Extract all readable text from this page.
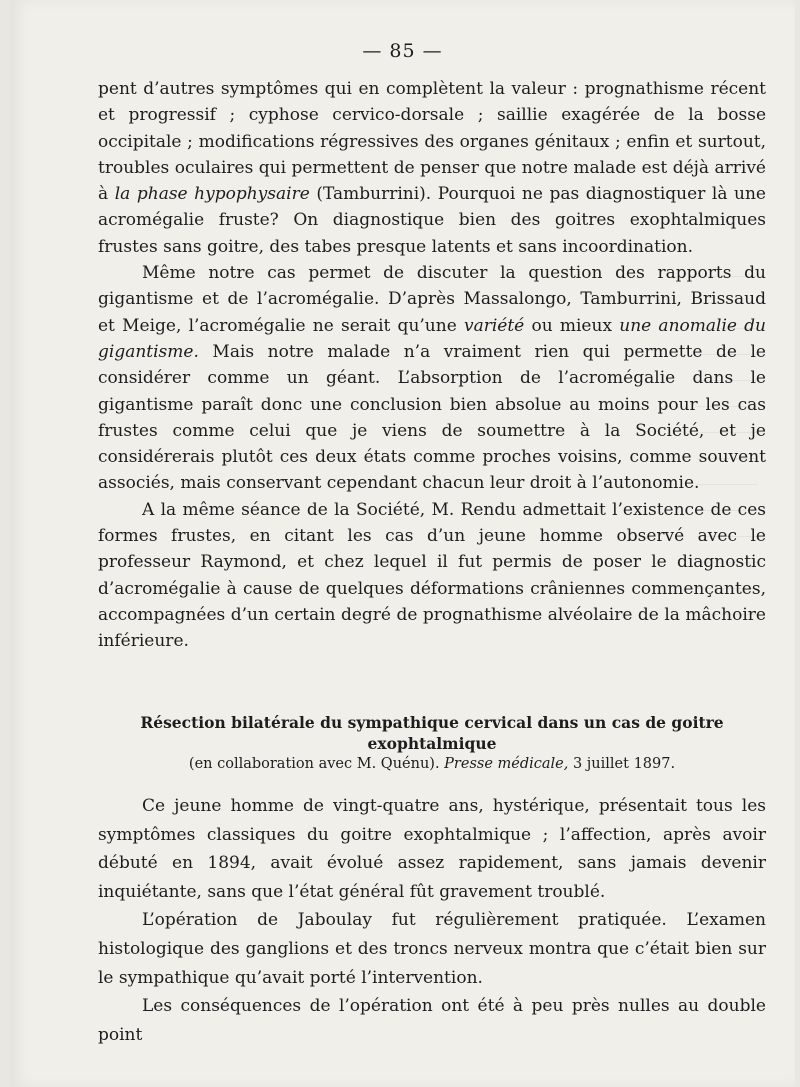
— 85 —

pent d’autres symptômes qui en complètent la valeur : prognathisme récent et progressif ; cyphose cervico-dorsale ; saillie exagérée de la bosse occipitale ; modifications régressives des organes génitaux ; enfin et surtout, troubles oculaires qui permettent de penser que notre malade est déjà arrivé à la phase hypophysaire (Tamburrini). Pourquoi ne pas diagnostiquer là une acromégalie fruste? On diagnostique bien des goitres exophtalmiques frustes sans goitre, des tabes presque latents et sans incoordination.

Même notre cas permet de discuter la question des rapports du gigantisme et de l’acromégalie. D’après Massalongo, Tamburrini, Brissaud et Meige, l’acromégalie ne serait qu’une variété ou mieux une anomalie du gigantisme. Mais notre malade n’a vraiment rien qui permette de le considérer comme un géant. L’absorption de l’acromégalie dans le gigantisme paraît donc une conclusion bien absolue au moins pour les cas frustes comme celui que je viens de soumettre à la Société, et je considérerais plutôt ces deux états comme proches voisins, comme souvent associés, mais conservant cependant chacun leur droit à l’autonomie.

A la même séance de la Société, M. Rendu admettait l’existence de ces formes frustes, en citant les cas d’un jeune homme observé avec le professeur Raymond, et chez lequel il fut permis de poser le diagnostic d’acromégalie à cause de quelques déformations crâniennes commençantes, accompagnées d’un certain degré de prognathisme alvéolaire de la mâchoire inférieure.

Résection bilatérale du sympathique cervical dans un cas de goitre exophtalmique
(en collaboration avec M. Quénu). Presse médicale, 3 juillet 1897.

Ce jeune homme de vingt-quatre ans, hystérique, présentait tous les symptômes classiques du goitre exophtalmique ; l’affection, après avoir débuté en 1894, avait évolué assez rapidement, sans jamais devenir inquiétante, sans que l’état général fût gravement troublé.

L’opération de Jaboulay fut régulièrement pratiquée. L’examen histologique des ganglions et des troncs nerveux montra que c’était bien sur le sympathique qu’avait porté l’intervention.

Les conséquences de l’opération ont été à peu près nulles au double point
